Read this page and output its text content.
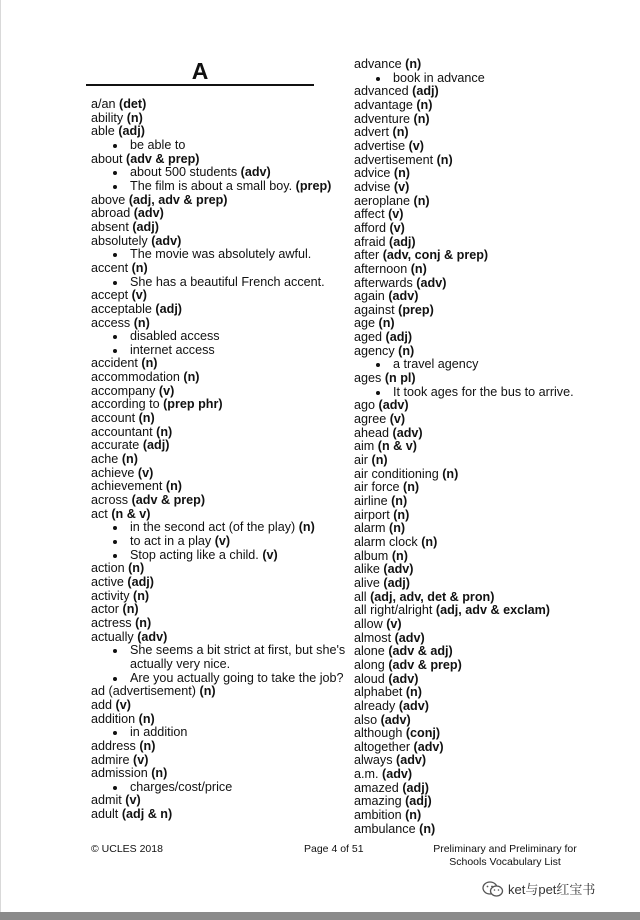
A
a/an (det)
ability (n)
able (adj)
be able to
about (adv & prep)
about 500 students (adv)
The film is about a small boy. (prep)
above (adj, adv & prep)
abroad (adv)
absent (adj)
absolutely (adv)
The movie was absolutely awful.
accent (n)
She has a beautiful French accent.
accept (v)
acceptable (adj)
access (n)
disabled access
internet access
accident (n)
accommodation (n)
accompany (v)
according to (prep phr)
account (n)
accountant (n)
accurate (adj)
ache (n)
achieve (v)
achievement (n)
across (adv & prep)
act (n & v)
in the second act (of the play) (n)
to act in a play (v)
Stop acting like a child. (v)
action (n)
active (adj)
activity (n)
actor (n)
actress (n)
actually (adv)
She seems a bit strict at first, but she's
actually very nice.
Are you actually going to take the job?
ad (advertisement) (n)
add (v)
addition (n)
in addition
address (n)
admire (v)
admission (n)
charges/cost/price
admit (v)
adult (adj & n)
advance (n)
book in advance
advanced (adj)
advantage (n)
adventure (n)
advert (n)
advertise (v)
advertisement (n)
advice (n)
advise (v)
aeroplane (n)
affect (v)
afford (v)
afraid (adj)
after (adv, conj & prep)
afternoon (n)
afterwards (adv)
again (adv)
against (prep)
age (n)
aged (adj)
agency (n)
a travel agency
ages (n pl)
It took ages for the bus to arrive.
ago (adv)
agree (v)
ahead (adv)
aim (n & v)
air (n)
air conditioning (n)
air force (n)
airline (n)
airport (n)
alarm (n)
alarm clock (n)
album (n)
alike (adv)
alive (adj)
all (adj, adv, det & pron)
all right/alright (adj, adv & exclam)
allow (v)
almost (adv)
alone (adv & adj)
along (adv & prep)
aloud (adv)
alphabet (n)
already (adv)
also (adv)
although (conj)
altogether (adv)
always (adv)
a.m. (adv)
amazed (adj)
amazing (adj)
ambition (n)
ambulance (n)
© UCLES 2018	Page 4 of 51	Preliminary and Preliminary for
Schools Vocabulary List
ket与pet红宝书
